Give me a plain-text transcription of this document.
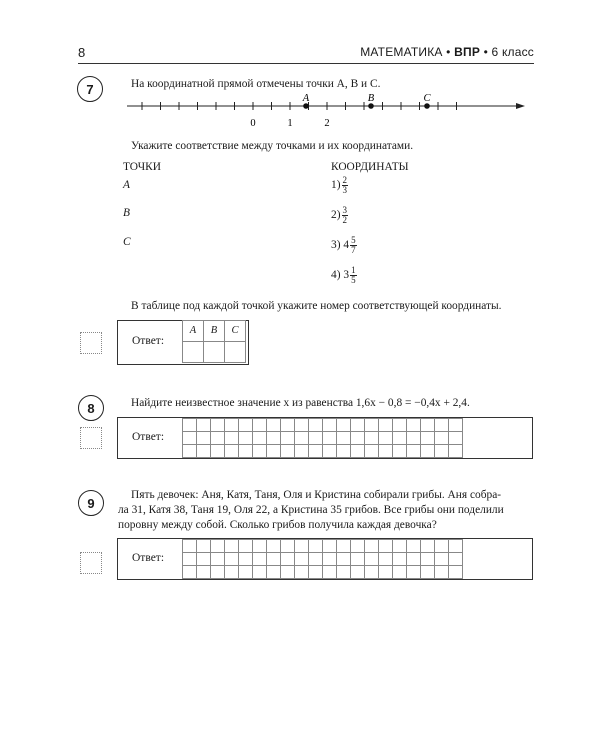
8	МАТЕМАТИКА • ВПР • 6 класс
7	На координатной прямой отмечены точки A, B и C.
A	B	C
0	1	2
Укажите соответствие между точками и их координатами.
ТОЧКИ	КООРДИНАТЫ
A
B
C
$1) \frac{2}{3}$
$2) \frac{3}{2}$
3) $4 \frac{5}{7}$
4) $3 \frac{1}{5}$
В таблице под каждой точкой укажите номер соответствующей координаты.
Ответ:
A	B	C
8	Найдите неизвестное значение x из равенства 1,6x − 0,8 = −0,4x + 2,4.
Ответ:
9
Пять девочек: Аня, Катя, Таня, Оля и Кристина собирали грибы. Аня собра-
ла 31, Катя 38, Таня 19, Оля 22, а Кристина 35 грибов. Все грибы они поделили
поровну между собой. Сколько грибов получила каждая девочка?
Ответ:
